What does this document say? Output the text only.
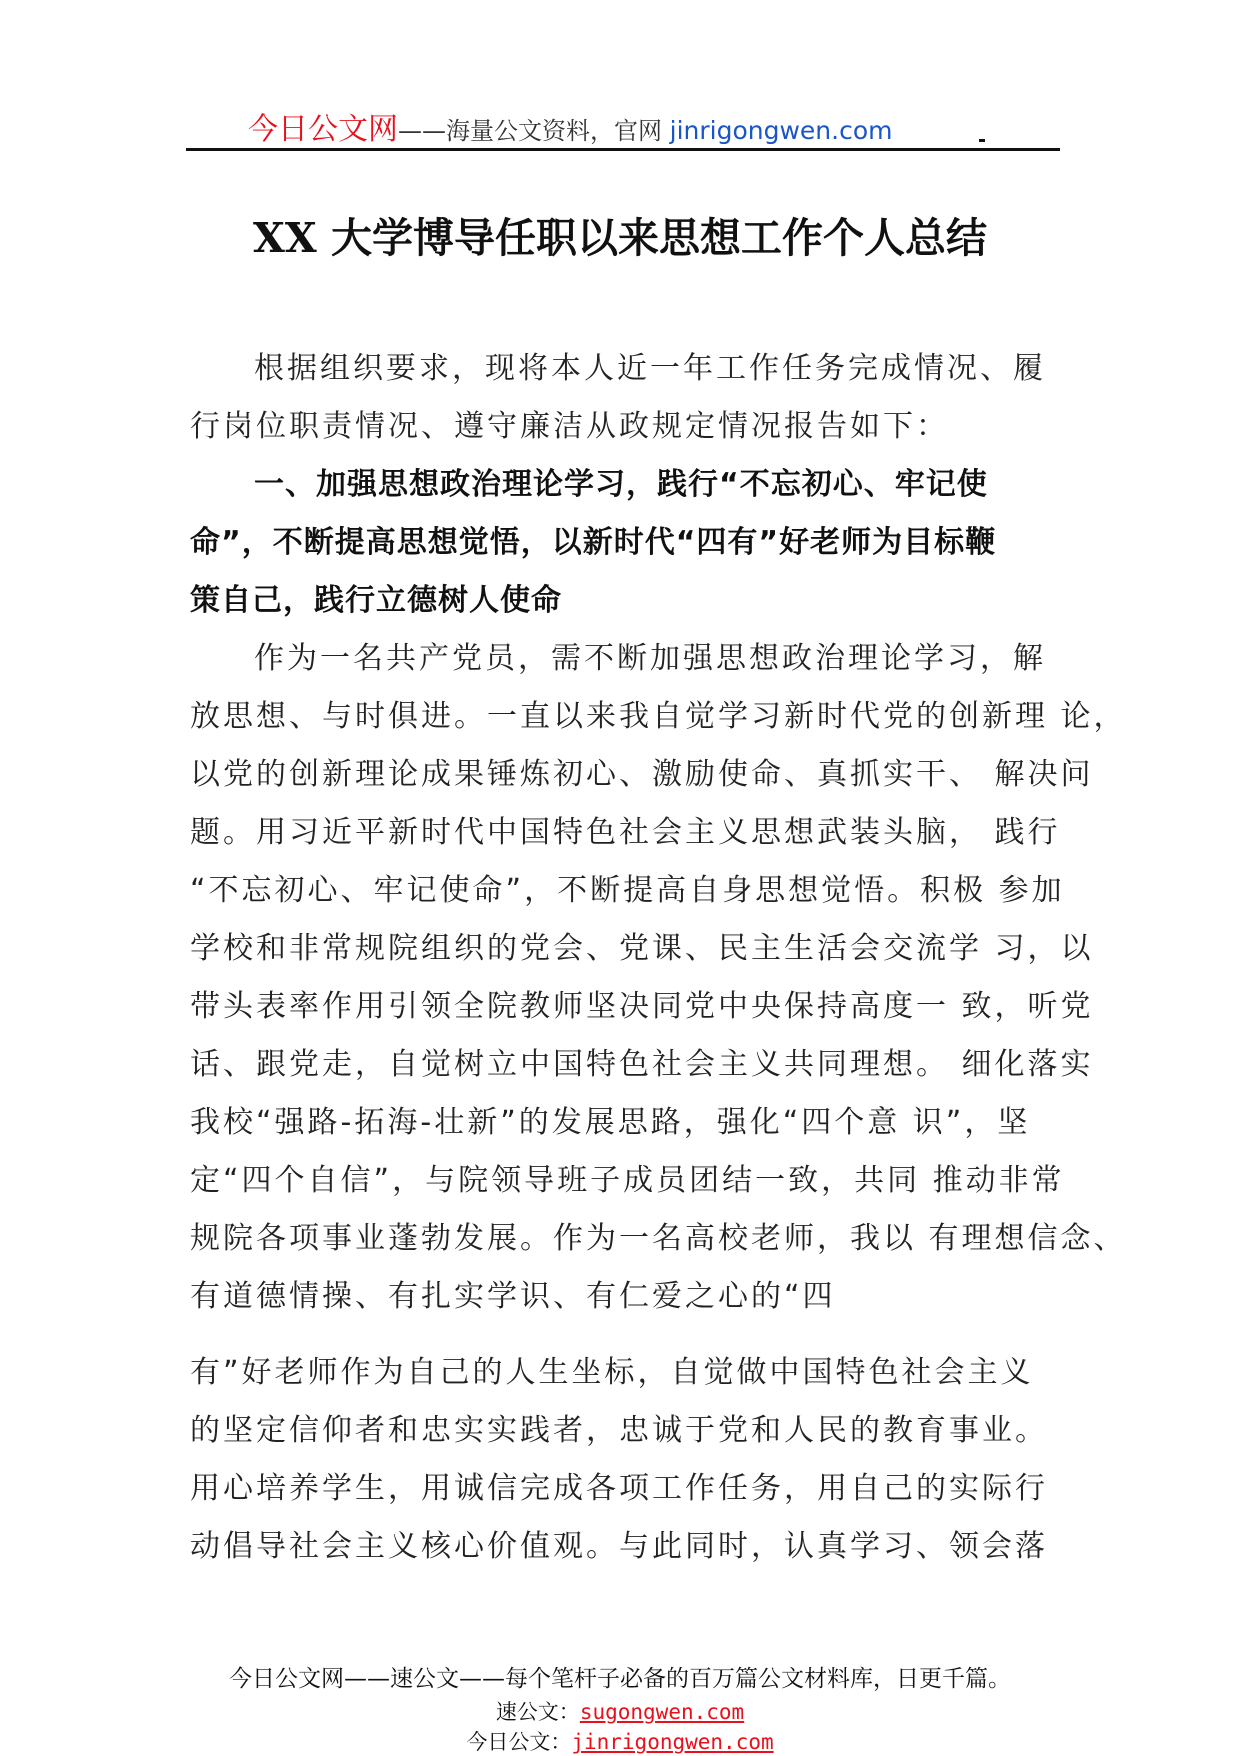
今日公文网——海量公文资料，官网 jinrigongwen.com
XX 大学博导任职以来思想工作个人总结
根据组织要求，现将本人近一年工作任务完成情况、履
行岗位职责情况、遵守廉洁从政规定情况报告如下：
一、加强思想政治理论学习，践行“不忘初心、牢记使
命”，不断提高思想觉悟，以新时代“四有”好老师为目标鞭
策自己，践行立德树人使命
作为一名共产党员，需不断加强思想政治理论学习，解
放思想、与时俱进。一直以来我自觉学习新时代党的创新理 论，
以党的创新理论成果锤炼初心、激励使命、真抓实干、 解决问
题。用习近平新时代中国特色社会主义思想武装头脑， 践行
“不忘初心、牢记使命”，不断提高自身思想觉悟。积极 参加
学校和非常规院组织的党会、党课、民主生活会交流学 习，以
带头表率作用引领全院教师坚决同党中央保持高度一 致，听党
话、跟党走，自觉树立中国特色社会主义共同理想。 细化落实
我校“强路-拓海-壮新”的发展思路，强化“四个意 识”，坚
定“四个自信”，与院领导班子成员团结一致，共同 推动非常
规院各项事业蓬勃发展。作为一名高校老师，我以 有理想信念、
有道德情操、有扎实学识、有仁爱之心的“四
有”好老师作为自己的人生坐标，自觉做中国特色社会主义
的坚定信仰者和忠实实践者，忠诚于党和人民的教育事业。
用心培养学生，用诚信完成各项工作任务，用自己的实际行
动倡导社会主义核心价值观。与此同时，认真学习、领会落
今日公文网——速公文——每个笔杆子必备的百万篇公文材料库，日更千篇。
速公文：sugongwen.com
今日公文：jinrigongwen.com
